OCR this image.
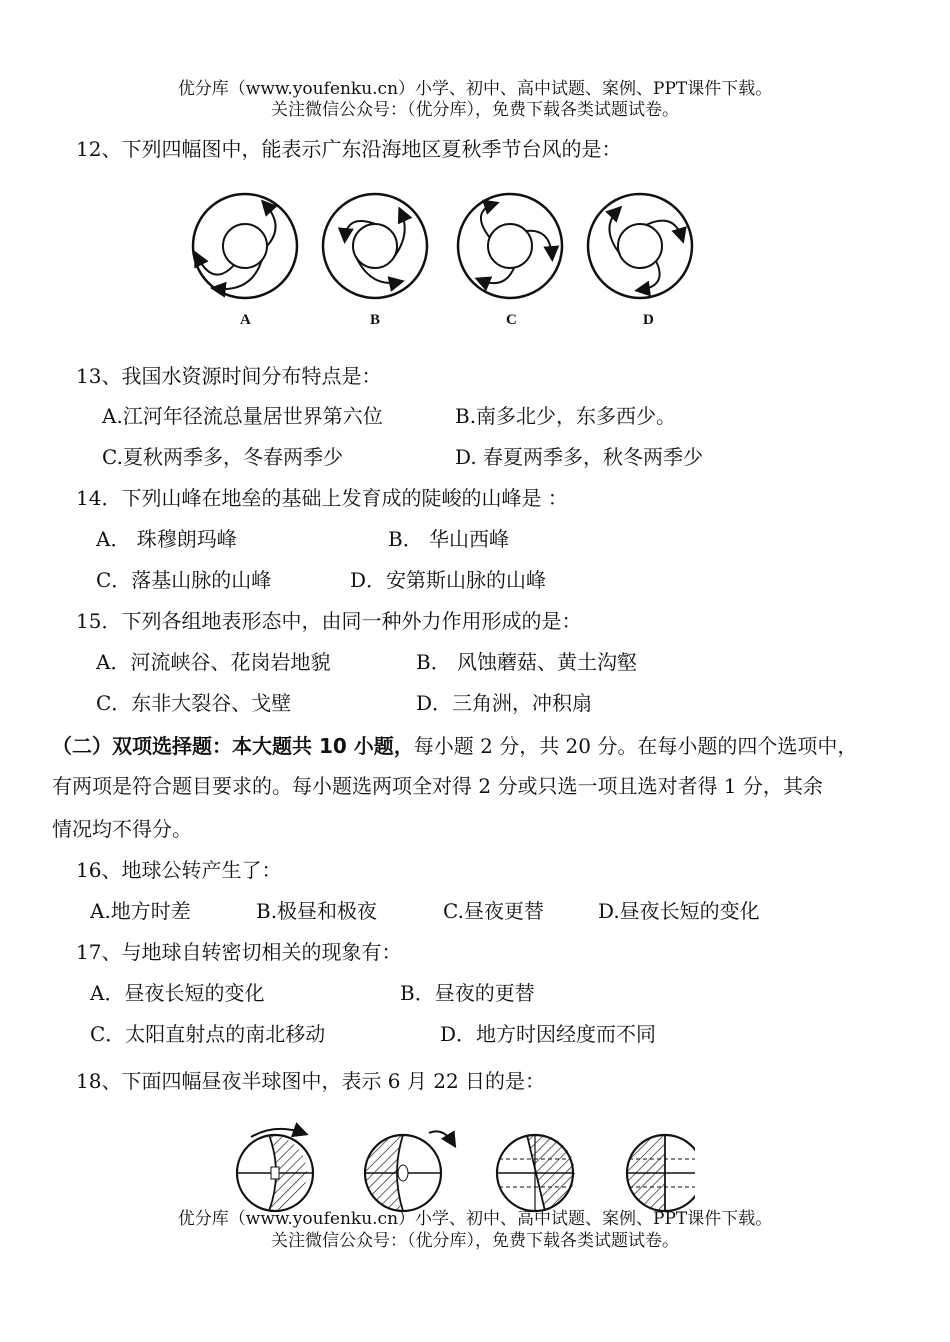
优分库（www.youfenku.cn）小学、初中、高中试题、案例、PPT课件下载。
关注微信公众号：（优分库），免费下载各类试题试卷。
12、下列四幅图中，能表示广东沿海地区夏秋季节台风的是：
A	B	C	D
13、我国水资源时间分布特点是：
A.江河年径流总量居世界第六位	B.南多北少，东多西少。
C.夏秋两季多，冬春两季少	D. 春夏两季多，秋冬两季少
14．下列山峰在地垒的基础上发育成的陡峻的山峰是 ：
A． 珠穆朗玛峰	B． 华山西峰
C．落基山脉的山峰	D．安第斯山脉的山峰
15．下列各组地表形态中，由同一种外力作用形成的是：
A．河流峡谷、花岗岩地貌	B． 风蚀蘑菇、黄土沟壑
C．东非大裂谷、戈壁	D．三角洲，冲积扇
（二）双项选择题：本大题共 10 小题，每小题 2 分，共 20 分。在每小题的四个选项中，
有两项是符合题目要求的。每小题选两项全对得 2 分或只选一项且选对者得 1 分，其余
情况均不得分。
16、地球公转产生了：
A.地方时差	B.极昼和极夜	C.昼夜更替	D.昼夜长短的变化
17、与地球自转密切相关的现象有：
A．昼夜长短的变化	B．昼夜的更替
C．太阳直射点的南北移动	D．地方时因经度而不同
18、下面四幅昼夜半球图中，表示 6 月 22 日的是：
优分库（www.youfenku.cn）小学、初中、高中试题、案例、PPT课件下载。
关注微信公众号：（优分库），免费下载各类试题试卷。
